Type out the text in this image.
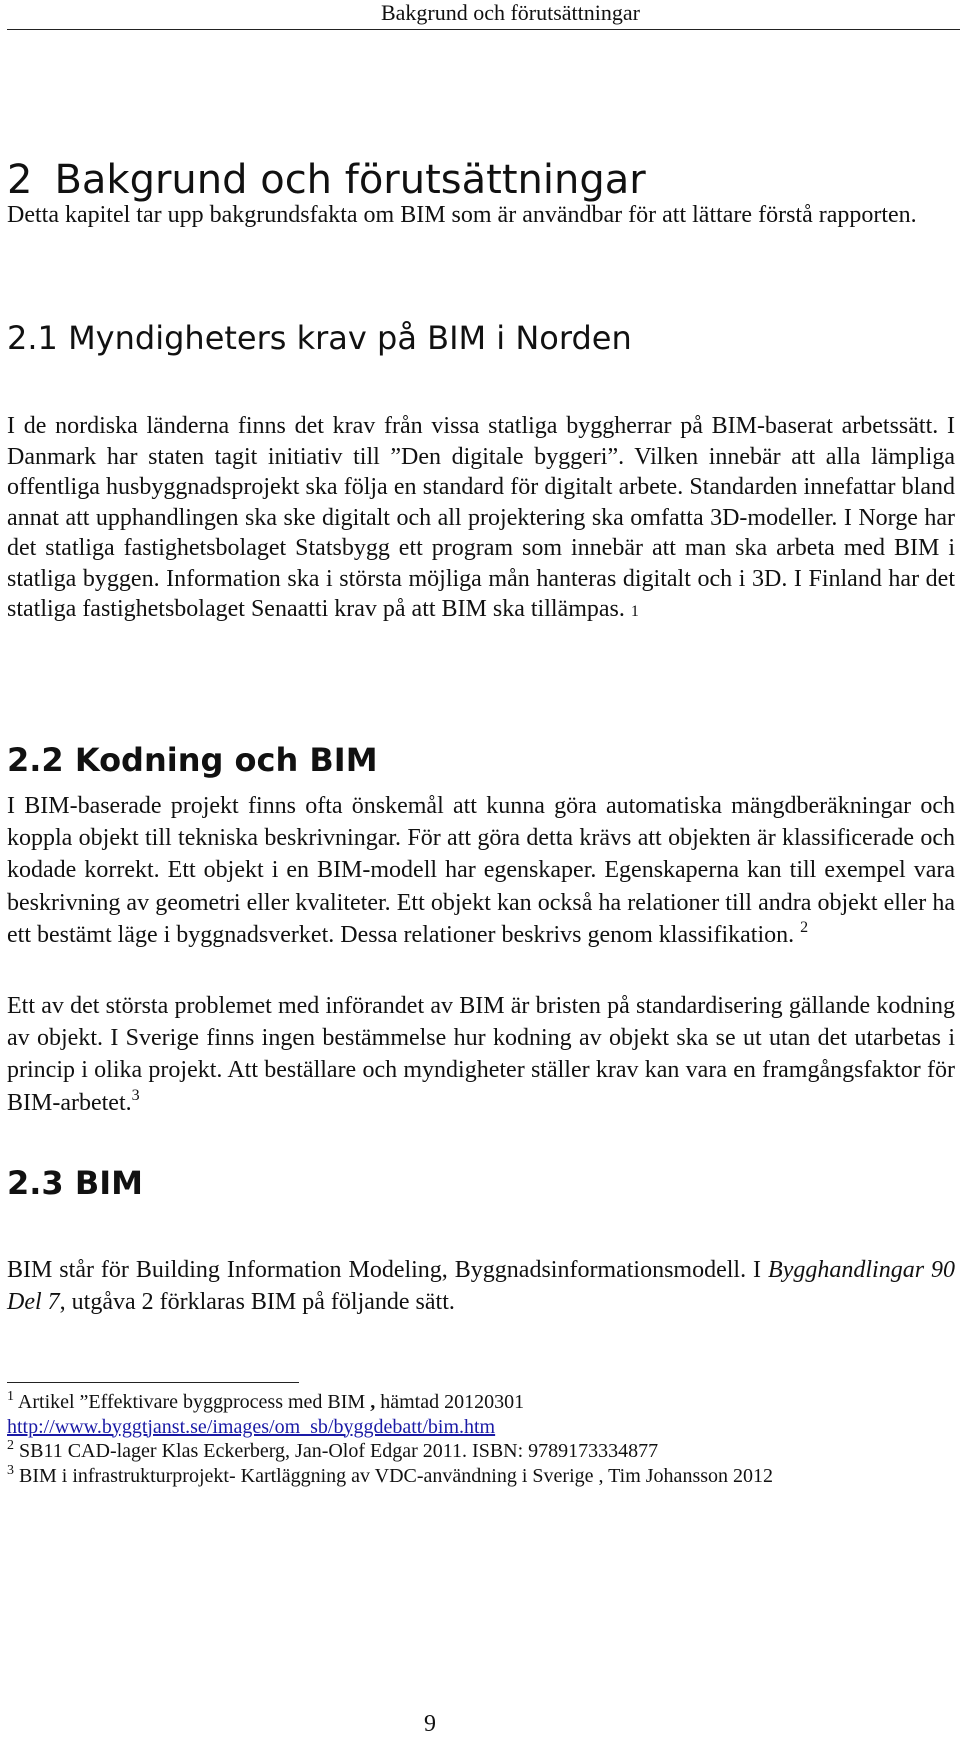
Bakgrund och förutsättningar
2 Bakgrund och förutsättningar

Detta kapitel tar upp bakgrundsfakta om BIM som är användbar för att lättare förstå rapporten.

2.1 Myndigheters krav på BIM i Norden

I de nordiska länderna finns det krav från vissa statliga byggherrar på BIM-baserat arbetssätt. I Danmark har staten tagit initiativ till ”Den digitale byggeri”. Vilken innebär att alla lämpliga offentliga husbyggnadsprojekt ska följa en standard för digitalt arbete. Standarden innefattar bland annat att upphandlingen ska ske digitalt och all projektering ska omfatta 3D-modeller. I Norge har det statliga fastighetsbolaget Statsbygg ett program som innebär att man ska arbeta med BIM i statliga byggen. Information ska i största möjliga mån hanteras digitalt och i 3D. I Finland har det statliga fastighetsbolaget Senaatti krav på att BIM ska tillämpas. 1

2.2 Kodning och BIM

I BIM-baserade projekt finns ofta önskemål att kunna göra automatiska mängdberäkningar och koppla objekt till tekniska beskrivningar. För att göra detta krävs att objekten är klassificerade och kodade korrekt. Ett objekt i en BIM-modell har egenskaper. Egenskaperna kan till exempel vara beskrivning av geometri eller kvaliteter. Ett objekt kan också ha relationer till andra objekt eller ha ett bestämt läge i byggnadsverket. Dessa relationer beskrivs genom klassifikation. $^2$

Ett av det största problemet med införandet av BIM är bristen på standardisering gällande kodning av objekt. I Sverige finns ingen bestämmelse hur kodning av objekt ska se ut utan det utarbetas i princip i olika projekt. Att beställare och myndigheter ställer krav kan vara en framgångsfaktor för BIM-arbetet.$^3$

2.3 BIM

BIM står för Building Information Modeling, Byggnadsinformationsmodell. I Bygghandlingar 90 Del 7, utgåva 2 förklaras BIM på följande sätt.

$^1$ Artikel ”Effektivare byggprocess med BIM , hämtad 20120301

http://www.byggtjanst.se/images/om_sb/byggdebatt/bim.htm

$^2$ SB11 CAD-lager Klas Eckerberg, Jan-Olof Edgar 2011. ISBN: 9789173334877

$^3$ BIM i infrastrukturprojekt- Kartläggning av VDC-användning i Sverige , Tim Johansson 2012

9
